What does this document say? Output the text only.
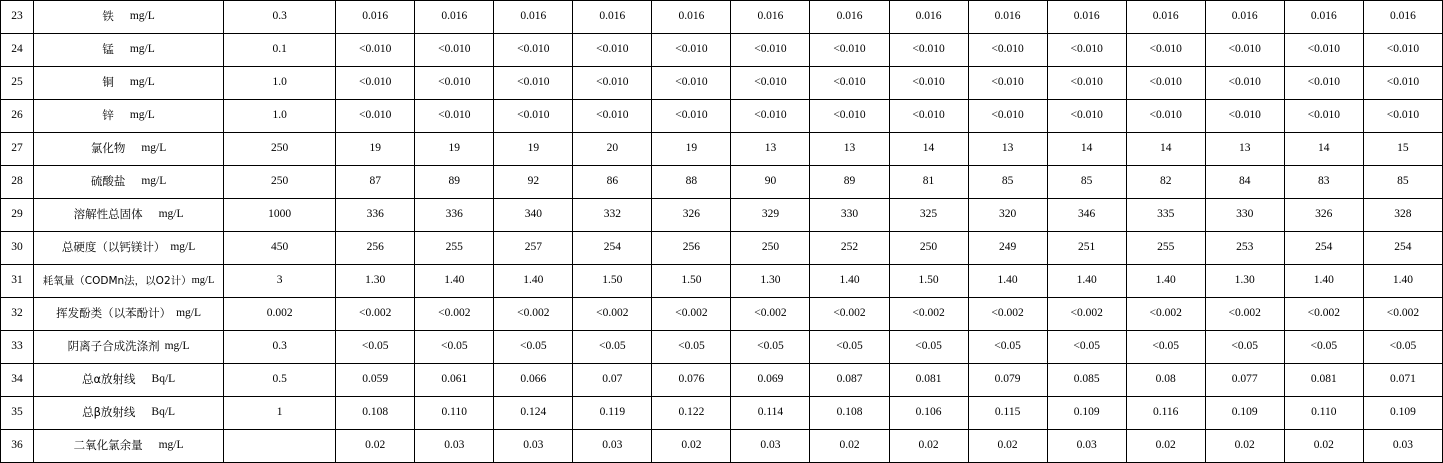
23	铁 mg/L	0.3	0.016	0.016	0.016	0.016	0.016	0.016	0.016	0.016	0.016	0.016	0.016	0.016	0.016	0.016
24	锰 mg/L	0.1	<0.010	<0.010	<0.010	<0.010	<0.010	<0.010	<0.010	<0.010	<0.010	<0.010	<0.010	<0.010	<0.010	<0.010
25	铜 mg/L	1.0	<0.010	<0.010	<0.010	<0.010	<0.010	<0.010	<0.010	<0.010	<0.010	<0.010	<0.010	<0.010	<0.010	<0.010
26	锌 mg/L	1.0	<0.010	<0.010	<0.010	<0.010	<0.010	<0.010	<0.010	<0.010	<0.010	<0.010	<0.010	<0.010	<0.010	<0.010
27	氯化物 mg/L	250	19	19	19	20	19	13	13	14	13	14	14	13	14	15
28	硫酸盐 mg/L	250	87	89	92	86	88	90	89	81	85	85	82	84	83	85
29	溶解性总固体 mg/L	1000	336	336	340	332	326	329	330	325	320	346	335	330	326	328
30	总硬度（以钙镁计） mg/L	450	256	255	257	254	256	250	252	250	249	251	255	253	254	254
31	耗氧量（CODMn法，以O2计） mg/L	3	1.30	1.40	1.40	1.50	1.50	1.30	1.40	1.50	1.40	1.40	1.40	1.30	1.40	1.40
32	挥发酚类（以苯酚计） mg/L	0.002	<0.002	<0.002	<0.002	<0.002	<0.002	<0.002	<0.002	<0.002	<0.002	<0.002	<0.002	<0.002	<0.002	<0.002
33	阴离子合成洗涤剂 mg/L	0.3	<0.05	<0.05	<0.05	<0.05	<0.05	<0.05	<0.05	<0.05	<0.05	<0.05	<0.05	<0.05	<0.05	<0.05
34	总α放射线 Bq/L	0.5	0.059	0.061	0.066	0.07	0.076	0.069	0.087	0.081	0.079	0.085	0.08	0.077	0.081	0.071
35	总β放射线 Bq/L	1	0.108	0.110	0.124	0.119	0.122	0.114	0.108	0.106	0.115	0.109	0.116	0.109	0.110	0.109
36	二氧化氯余量 mg/L		0.02	0.03	0.03	0.03	0.02	0.03	0.02	0.02	0.02	0.03	0.02	0.02	0.02	0.03
